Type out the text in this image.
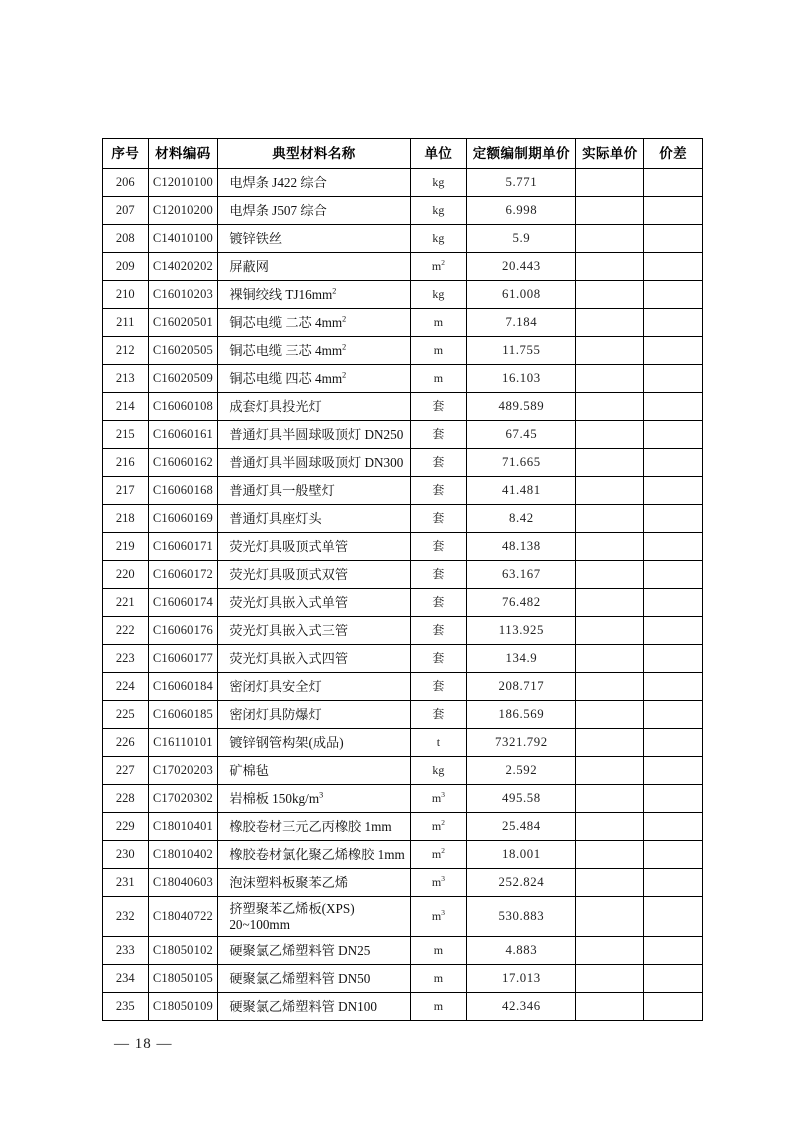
序号	材料编码	典型材料名称	单位	定额编制期单价	实际单价	价差
206	C12010100	电焊条 J422 综合	kg	5.771		
207	C12010200	电焊条 J507 综合	kg	6.998		
208	C14010100	镀锌铁丝	kg	5.9		
209	C14020202	屏蔽网	$m^2$	20.443		
210	C16010203	裸铜绞线 $TJ16mm^2$	kg	61.008		
211	C16020501	铜芯电缆 二芯 $4mm^2$	m	7.184		
212	C16020505	铜芯电缆 三芯 $4mm^2$	m	11.755		
213	C16020509	铜芯电缆 四芯 $4mm^2$	m	16.103		
214	C16060108	成套灯具投光灯	套	489.589		
215	C16060161	普通灯具半圆球吸顶灯 DN250	套	67.45		
216	C16060162	普通灯具半圆球吸顶灯 DN300	套	71.665		
217	C16060168	普通灯具一般壁灯	套	41.481		
218	C16060169	普通灯具座灯头	套	8.42		
219	C16060171	荧光灯具吸顶式单管	套	48.138		
220	C16060172	荧光灯具吸顶式双管	套	63.167		
221	C16060174	荧光灯具嵌入式单管	套	76.482		
222	C16060176	荧光灯具嵌入式三管	套	113.925		
223	C16060177	荧光灯具嵌入式四管	套	134.9		
224	C16060184	密闭灯具安全灯	套	208.717		
225	C16060185	密闭灯具防爆灯	套	186.569		
226	C16110101	镀锌钢管构架(成品)	t	7321.792		
227	C17020203	矿棉毡	kg	2.592		
228	C17020302	岩棉板 $150kg/m^3$	$m^3$	495.58		
229	C18010401	橡胶卷材三元乙丙橡胶 1mm	$m^2$	25.484		
230	C18010402	橡胶卷材氯化聚乙烯橡胶 1mm	$m^2$	18.001		
231	C18040603	泡沫塑料板聚苯乙烯	$m^3$	252.824		
232	C18040722	挤塑聚苯乙烯板(XPS)
20~100mm	$m^3$	530.883		
233	C18050102	硬聚氯乙烯塑料管 DN25	m	4.883		
234	C18050105	硬聚氯乙烯塑料管 DN50	m	17.013		
235	C18050109	硬聚氯乙烯塑料管 DN100	m	42.346		
— 18 —
